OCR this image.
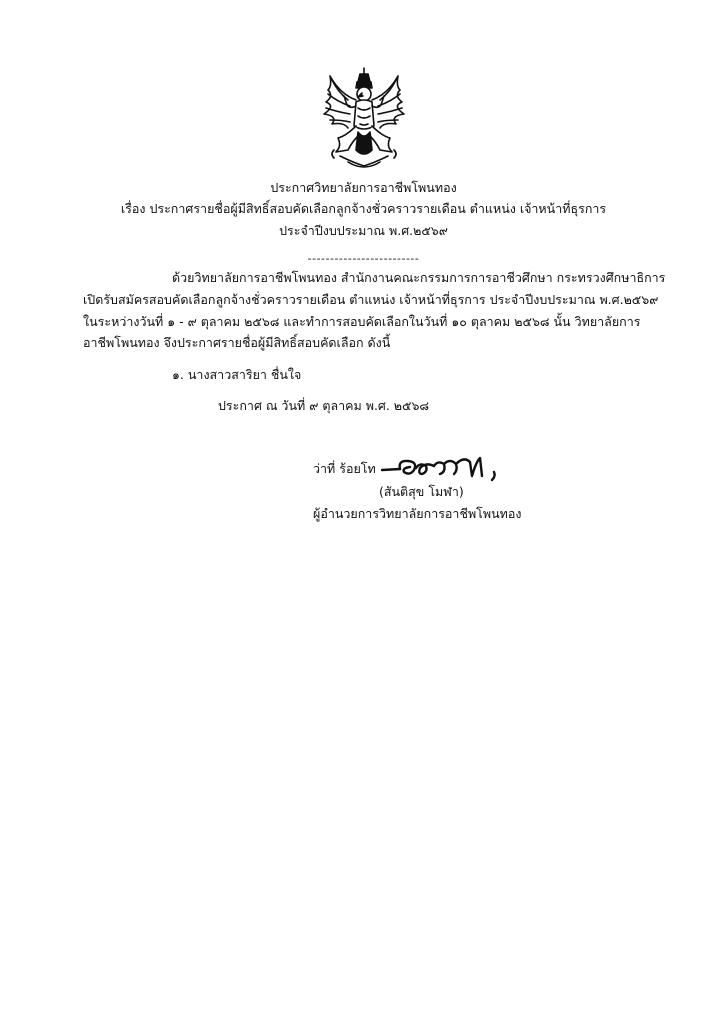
ประกาศวิทยาลัยการอาชีพโพนทอง
เรื่อง ประกาศรายชื่อผู้มีสิทธิ์สอบคัดเลือกลูกจ้างชั่วคราวรายเดือน ตำแหน่ง เจ้าหน้าที่ธุรการ
ประจำปีงบประมาณ พ.ศ.๒๕๖๙
-------------------------
ด้วยวิทยาลัยการอาชีพโพนทอง สำนักงานคณะกรรมการการอาชีวศึกษา กระทรวงศึกษาธิการ
เปิดรับสมัครสอบคัดเลือกลูกจ้างชั่วคราวรายเดือน ตำแหน่ง เจ้าหน้าที่ธุรการ ประจำปีงบประมาณ พ.ศ.๒๕๖๙
ในระหว่างวันที่ ๑ - ๙ ตุลาคม ๒๕๖๘ และทำการสอบคัดเลือกในวันที่ ๑๐ ตุลาคม ๒๕๖๘ นั้น วิทยาลัยการ
อาชีพโพนทอง จึงประกาศรายชื่อผู้มีสิทธิ์สอบคัดเลือก ดังนี้
๑. นางสาวสาริยา ชื่นใจ
ประกาศ ณ วันที่ ๙ ตุลาคม พ.ศ. ๒๕๖๘
ว่าที่ ร้อยโท
(สันติสุข โมฬา)
ผู้อำนวยการวิทยาลัยการอาชีพโพนทอง
